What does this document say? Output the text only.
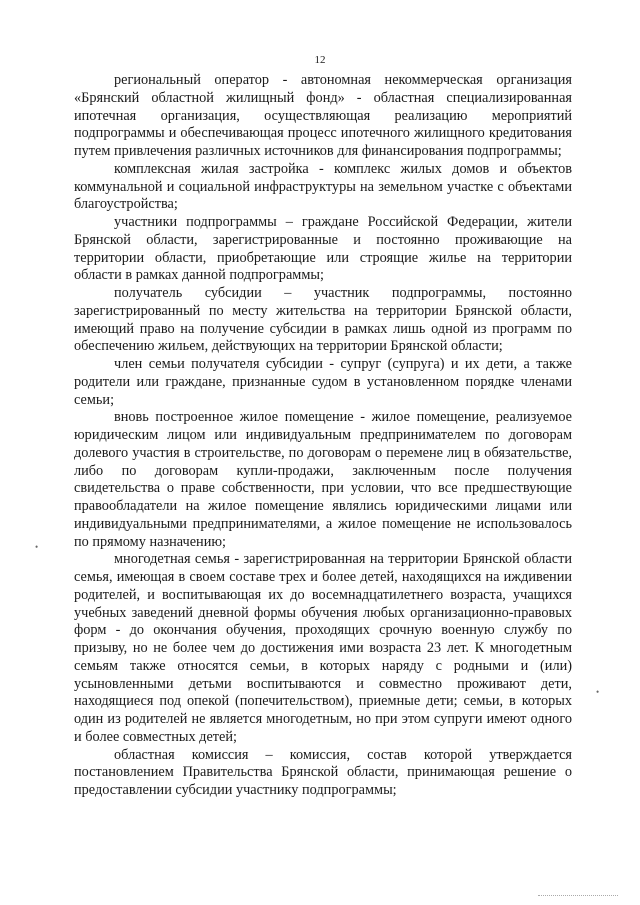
12

региональный оператор - автономная некоммерческая организация «Брянский областной жилищный фонд» - областная специализированная ипотечная организация, осуществляющая реализацию мероприятий подпрограммы и обеспечивающая процесс ипотечного жилищного кредитования путем привлечения различных источников для финансирования подпрограммы;

комплексная жилая застройка - комплекс жилых домов и объектов коммунальной и социальной инфраструктуры на земельном участке с объектами благоустройства;

участники подпрограммы – граждане Российской Федерации, жители Брянской области, зарегистрированные и постоянно проживающие на территории области, приобретающие или строящие жилье на территории области в рамках данной подпрограммы;

получатель субсидии – участник подпрограммы, постоянно зарегистрированный по месту жительства на территории Брянской области, имеющий право на получение субсидии в рамках лишь одной из программ по обеспечению жильем, действующих на территории Брянской области;

член семьи получателя субсидии - супруг (супруга) и их дети, а также родители или граждане, признанные судом в установленном порядке членами семьи;

вновь построенное жилое помещение - жилое помещение, реализуемое юридическим лицом или индивидуальным предпринимателем по договорам долевого участия в строительстве, по договорам о перемене лиц в обязательстве, либо по договорам купли-продажи, заключенным после получения свидетельства о праве собственности, при условии, что все предшествующие правообладатели на жилое помещение являлись юридическими лицами или индивидуальными предпринимателями, а жилое помещение не использовалось по прямому назначению;

многодетная семья - зарегистрированная на территории Брянской области семья, имеющая в своем составе трех и более детей, находящихся на иждивении родителей, и воспитывающая их до восемнадцатилетнего возраста, учащихся учебных заведений дневной формы обучения любых организационно-правовых форм - до окончания обучения, проходящих срочную военную службу по призыву, но не более чем до достижения ими возраста 23 лет. К многодетным семьям также относятся семьи, в которых наряду с родными и (или) усыновленными детьми воспитываются и совместно проживают дети, находящиеся под опекой (попечительством), приемные дети; семьи, в которых один из родителей не является многодетным, но при этом супруги имеют одного и более совместных детей;

областная комиссия – комиссия, состав которой утверждается постановлением Правительства Брянской области, принимающая решение о предоставлении субсидии участнику подпрограммы;

•
•
